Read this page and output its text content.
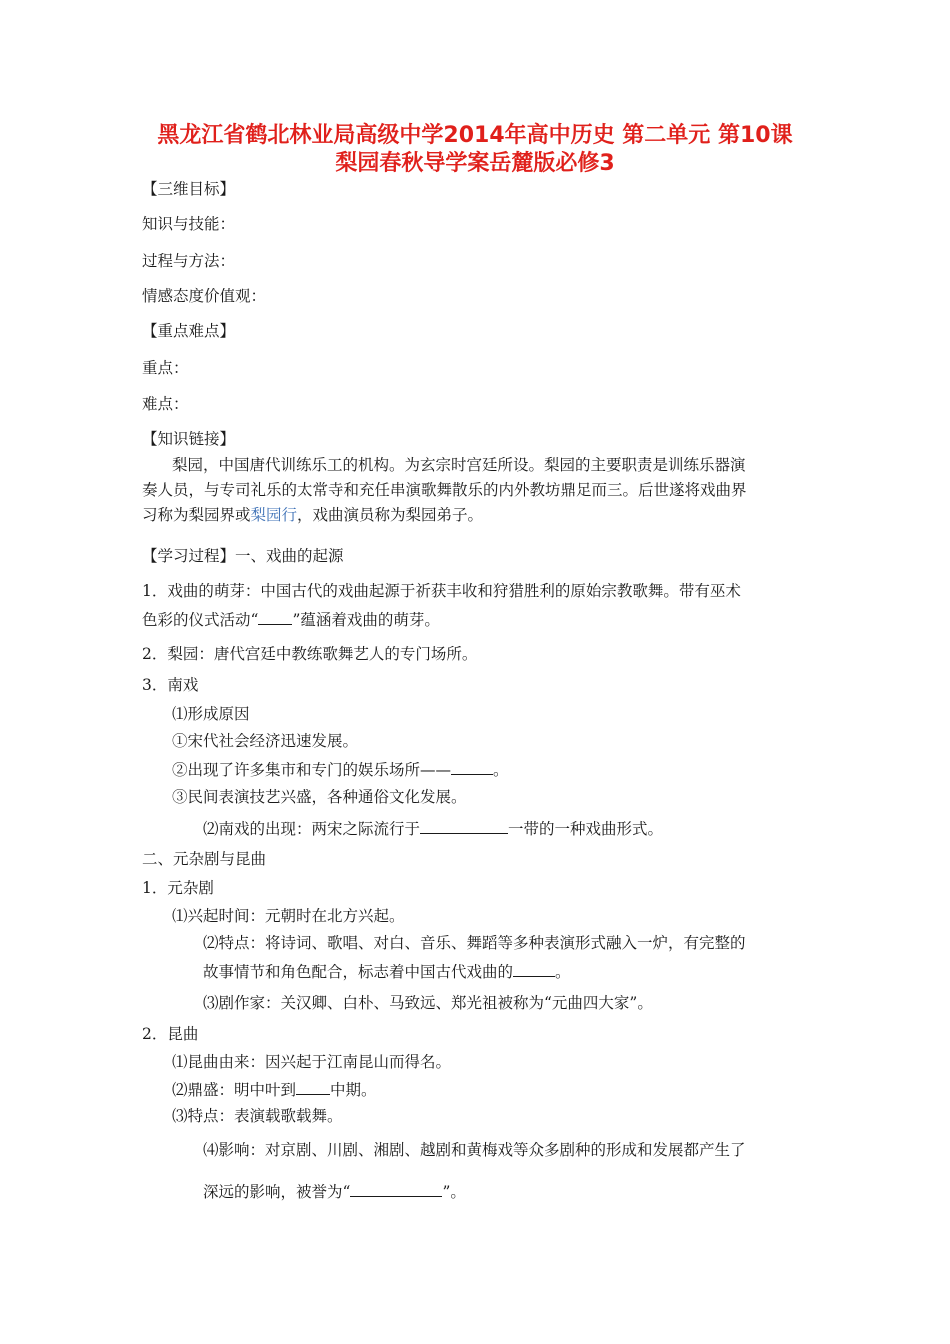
黑龙江省鹤北林业局高级中学2014年高中历史 第二单元 第10课
梨园春秋导学案岳麓版必修3
【三维目标】
知识与技能：
过程与方法：
情感态度价值观：
【重点难点】
重点：
难点：
【知识链接】
梨园，中国唐代训练乐工的机构。为玄宗时宫廷所设。梨园的主要职责是训练乐器演
奏人员，与专司礼乐的太常寺和充任串演歌舞散乐的内外教坊鼎足而三。后世遂将戏曲界
习称为梨园界或梨园行，戏曲演员称为梨园弟子。
【学习过程】一、戏曲的起源
1．戏曲的萌芽：中国古代的戏曲起源于祈获丰收和狩猎胜利的原始宗教歌舞。带有巫术
色彩的仪式活动“ ”蕴涵着戏曲的萌芽。
2．梨园：唐代宫廷中教练歌舞艺人的专门场所。
3．南戏
⑴形成原因
①宋代社会经济迅速发展。
②出现了许多集市和专门的娱乐场所——	。
③民间表演技艺兴盛，各种通俗文化发展。
⑵南戏的出现：两宋之际流行于	一带的一种戏曲形式。
二、元杂剧与昆曲
1．元杂剧
⑴兴起时间：元朝时在北方兴起。
⑵特点：将诗词、歌唱、对白、音乐、舞蹈等多种表演形式融入一炉，有完整的
故事情节和角色配合，标志着中国古代戏曲的	。
⑶剧作家：关汉卿、白朴、马致远、郑光祖被称为“元曲四大家”。
2．昆曲
⑴昆曲由来：因兴起于江南昆山而得名。
⑵鼎盛：明中叶到 中期。
⑶特点：表演载歌载舞。
⑷影响：对京剧、川剧、湘剧、越剧和黄梅戏等众多剧种的形成和发展都产生了
深远的影响，被誉为“	”。
